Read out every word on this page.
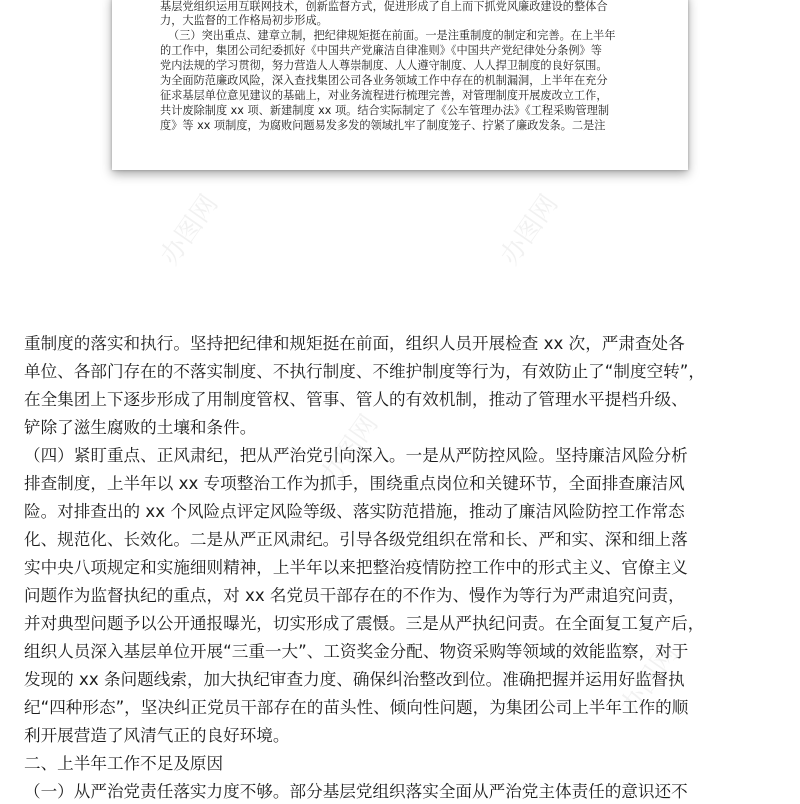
基层党组织运用互联网技术，创新监督方式，促进形成了自上而下抓党风廉政建设的整体合
力，大监督的工作格局初步形成。
（三）突出重点、建章立制，把纪律规矩挺在前面。一是注重制度的制定和完善。在上半年
的工作中，集团公司纪委抓好《中国共产党廉洁自律准则》《中国共产党纪律处分条例》等
党内法规的学习贯彻，努力营造人人尊崇制度、人人遵守制度、人人捍卫制度的良好氛围。
为全面防范廉政风险，深入查找集团公司各业务领域工作中存在的机制漏洞，上半年在充分
征求基层单位意见建议的基础上，对业务流程进行梳理完善，对管理制度开展废改立工作，
共计废除制度 xx 项、新建制度 xx 项。结合实际制定了《公车管理办法》《工程采购管理制
度》等 xx 项制度，为腐败问题易发多发的领域扎牢了制度笼子、拧紧了廉政发条。二是注
办图网	办图网
办图网
办图网
重制度的落实和执行。坚持把纪律和规矩挺在前面，组织人员开展检查 xx 次，严肃查处各
单位、各部门存在的不落实制度、不执行制度、不维护制度等行为，有效防止了“制度空转”，
在全集团上下逐步形成了用制度管权、管事、管人的有效机制，推动了管理水平提档升级、
铲除了滋生腐败的土壤和条件。
（四）紧盯重点、正风肃纪，把从严治党引向深入。一是从严防控风险。坚持廉洁风险分析
排查制度，上半年以 xx 专项整治工作为抓手，围绕重点岗位和关键环节，全面排查廉洁风
险。对排查出的 xx 个风险点评定风险等级、落实防范措施，推动了廉洁风险防控工作常态
化、规范化、长效化。二是从严正风肃纪。引导各级党组织在常和长、严和实、深和细上落
实中央八项规定和实施细则精神，上半年以来把整治疫情防控工作中的形式主义、官僚主义
问题作为监督执纪的重点，对 xx 名党员干部存在的不作为、慢作为等行为严肃追究问责，
并对典型问题予以公开通报曝光，切实形成了震慑。三是从严执纪问责。在全面复工复产后，
组织人员深入基层单位开展“三重一大”、工资奖金分配、物资采购等领域的效能监察，对于
发现的 xx 条问题线索，加大执纪审查力度、确保纠治整改到位。准确把握并运用好监督执
纪“四种形态”，坚决纠正党员干部存在的苗头性、倾向性问题，为集团公司上半年工作的顺
利开展营造了风清气正的良好环境。
二、上半年工作不足及原因
（一）从严治党责任落实力度不够。部分基层党组织落实全面从严治党主体责任的意识还不
